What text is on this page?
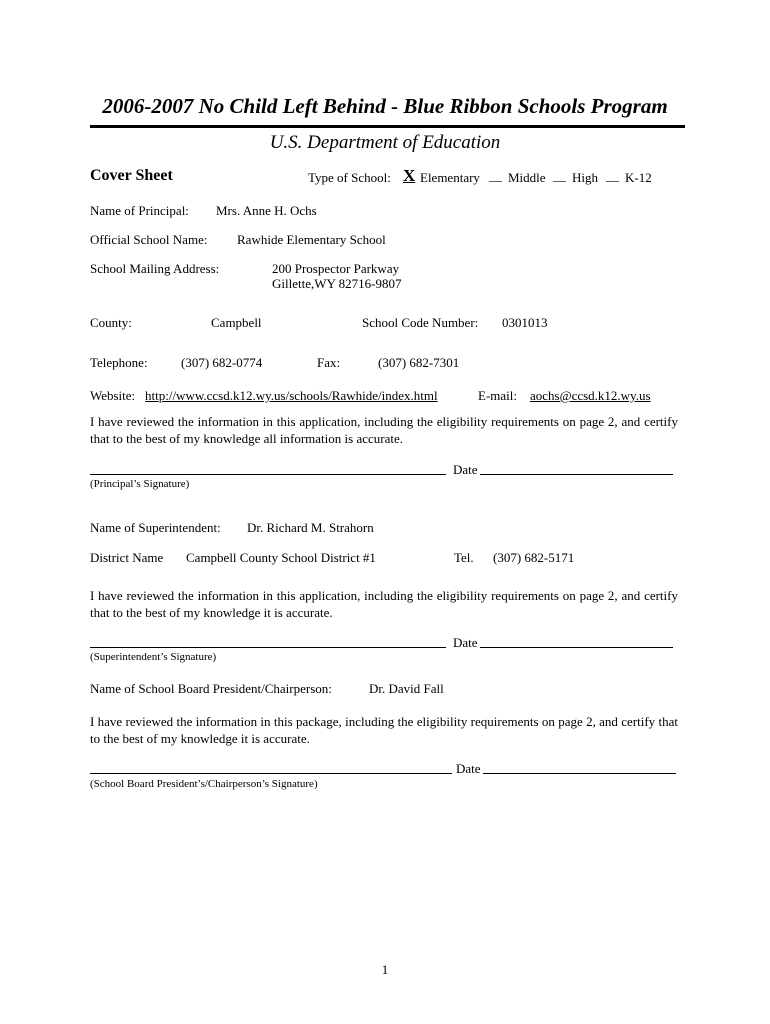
2006-2007 No Child Left Behind - Blue Ribbon Schools Program
U.S. Department of Education
Cover Sheet	Type of School: X Elementary __ Middle __ High __ K-12
Name of Principal: Mrs. Anne H. Ochs
Official School Name: Rawhide Elementary School
School Mailing Address:	200 Prospector Parkway
Gillette,WY 82716-9807
County:	Campbell	School Code Number: 0301013
Telephone:	(307) 682-0774	Fax:	(307) 682-7301
Website: http://www.ccsd.k12.wy.us/schools/Rawhide/index.html	E-mail: aochs@ccsd.k12.wy.us
I have reviewed the information in this application, including the eligibility requirements on page 2, and certify that to the best of my knowledge all information is accurate.
Date
(Principal’s Signature)
Name of Superintendent: Dr. Richard M. Strahorn
District Name Campbell County School District #1	Tel. (307) 682-5171
I have reviewed the information in this application, including the eligibility requirements on page 2, and certify that to the best of my knowledge it is accurate.
Date
(Superintendent’s Signature)
Name of School Board President/Chairperson:	Dr. David Fall
I have reviewed the information in this package, including the eligibility requirements on page 2, and certify that to the best of my knowledge it is accurate.
Date
(School Board President’s/Chairperson’s Signature)
1
